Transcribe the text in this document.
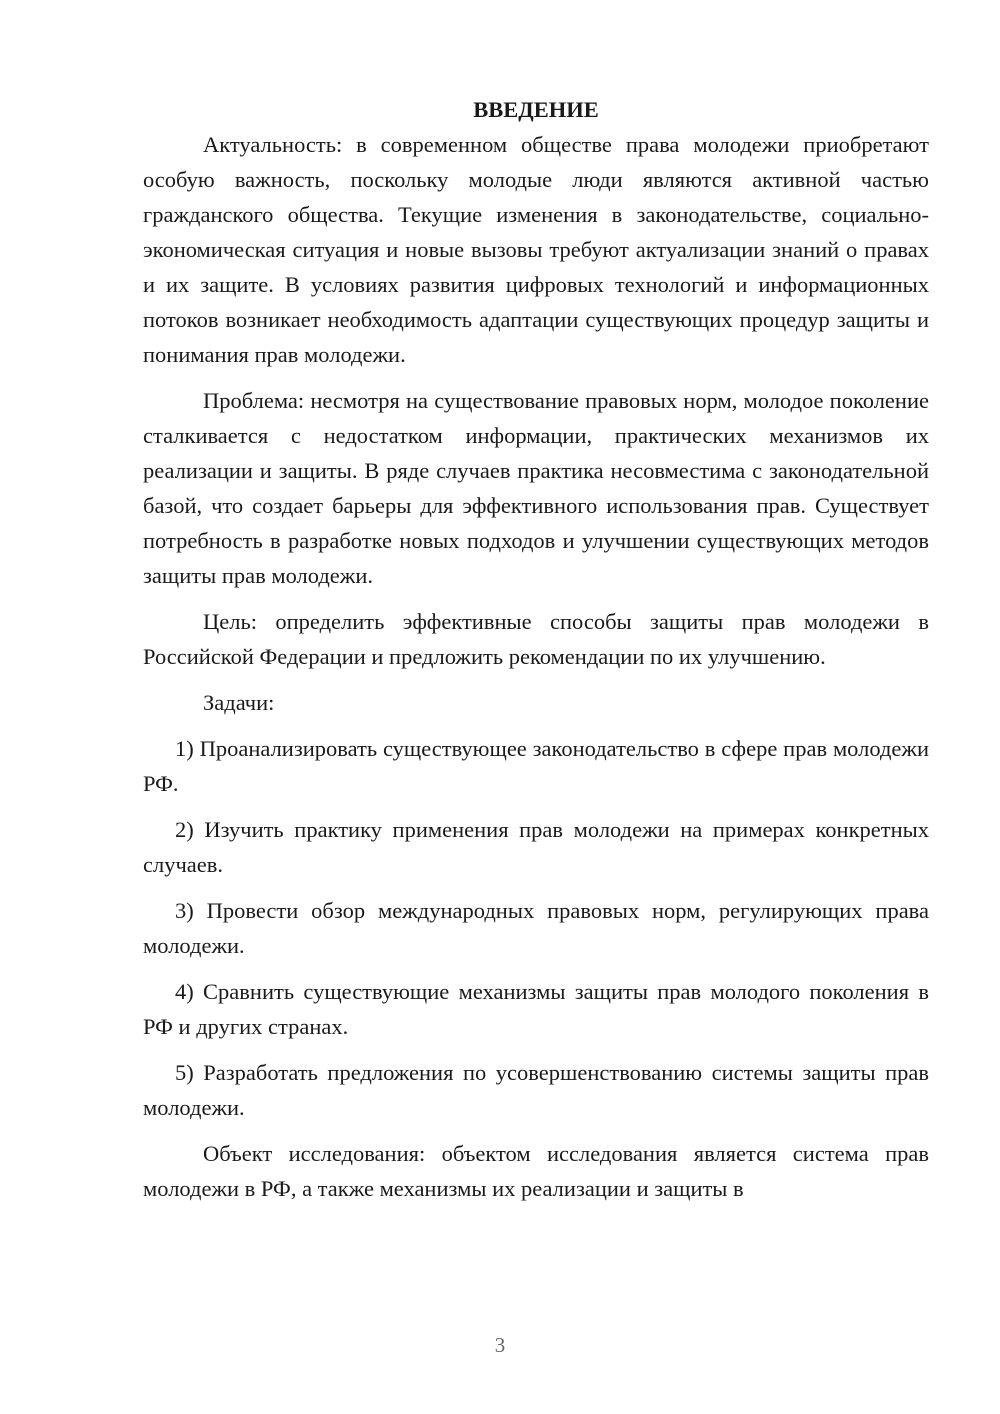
ВВЕДЕНИЕ

Актуальность: в современном обществе права молодежи приобретают особую важность, поскольку молодые люди являются активной частью гражданского общества. Текущие изменения в законодательстве, социально-экономическая ситуация и новые вызовы требуют актуализации знаний о правах и их защите. В условиях развития цифровых технологий и информационных потоков возникает необходимость адаптации существующих процедур защиты и понимания прав молодежи.

Проблема: несмотря на существование правовых норм, молодое поколение сталкивается с недостатком информации, практических механизмов их реализации и защиты. В ряде случаев практика несовместима с законодательной базой, что создает барьеры для эффективного использования прав. Существует потребность в разработке новых подходов и улучшении существующих методов защиты прав молодежи.

Цель: определить эффективные способы защиты прав молодежи в Российской Федерации и предложить рекомендации по их улучшению.

Задачи:

1) Проанализировать существующее законодательство в сфере прав молодежи РФ.

2) Изучить практику применения прав молодежи на примерах конкретных случаев.

3) Провести обзор международных правовых норм, регулирующих права молодежи.

4) Сравнить существующие механизмы защиты прав молодого поколения в РФ и других странах.

5) Разработать предложения по усовершенствованию системы защиты прав молодежи.

Объект исследования: объектом исследования является система прав молодежи в РФ, а также механизмы их реализации и защиты в

3
